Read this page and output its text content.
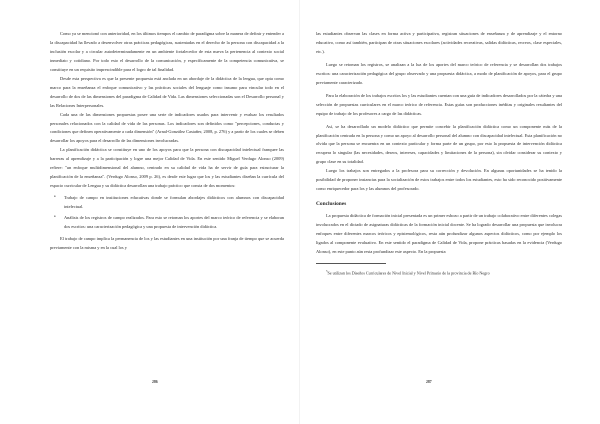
Como ya se mencionó con anterioridad, en los últimos tiempos el cambio de paradigma sobre la manera de definir y entender a la discapacidad ha llevado a desenvolver otras prácticas pedagógicas, sustentadas en el derecho de la persona con discapacidad a la inclusión escolar y a circular autodeterminadamente en un ambiente fortalecedor de esta nueva la pertenencia al contexto social inmediato y cotidiano. Por todo esto el desarrollo de la comunicación, y específicamente de la competencia comunicativa, se constituye en un requisito imprescindible para el logro de tal finalidad.

Desde esta perspectiva es que la presente propuesta está anclada en un abordaje de la didáctica de la lengua, que opta como marco para la enseñanza el enfoque comunicativo y las prácticas sociales del lenguaje como insumo para vincular todo en el desarrollo de dos de las dimensiones del paradigma de Calidad de Vida. Las dimensiones seleccionadas son el Desarrollo personal y las Relaciones Interpersonales.

Cada una de las dimensiones propuestas posee una serie de indicadores usados para intervenir y evaluar los resultados personales relacionados con la calidad de vida de las personas. Los indicadores son definidos como "percepciones, conductas y condiciones que definen operativamente a cada dimensión" (Arnal-González Castañer, 2008, p. 276) y a partir de los cuales se deben desarrollar los apoyos para el desarrollo de las dimensiones involucradas.

La planificación didáctica se constituye en uno de los apoyos para que la persona con discapacidad intelectual franquee las barreras al aprendizaje y a la participación y logre una mejor Calidad de Vida. En este sentido Miguel Verdugo Alonso (2009) refiere: "un enfoque multidimensional del alumno, centrado en su calidad de vida ha de servir de guía para estructurar la planificación de la enseñanza". (Verdugo Alonso, 2009 p. 26), es desde este lugar que los y las estudiantes diseñan la currícula del espacio curricular de Lengua y su didáctica desarrollan una trabajo práctico que consta de dos momentos:

• Trabajo de campo en instituciones educativas donde se formulan abordajes didácticos con alumnos con discapacidad intelectual.
• Análisis de los registros de campo realizados. Para esto se retoman los aportes del marco teórico de referencia y se elaboran dos escritos: una caracterización pedagógica y una propuesta de intervención didáctica.

El trabajo de campo implica la permanencia de los y las estudiantes en una institución por una franja de tiempo que se acuerda previamente con la misma y en la cual los y

286

las estudiantes observan las clases en forma activa y participativa, registran situaciones de enseñanza y de aprendizaje y el entorno educativo, como así también, participan de otras situaciones escolares (actividades recreativas, salidas didácticas, recreos, clase especiales, etc.).

Luego se retoman los registros, se analizan a la luz de los aportes del marco teórico de referencia y se desarrollan dos trabajos escritos: una caracterización pedagógica del grupo observado y una propuesta didáctica, a modo de planificación de apoyos, para el grupo previamente caracterizado.

Para la elaboración de los trabajos escritos los y las estudiantes cuentan con una guía de indicadores desarrollados por la cátedra y una selección de propuestas curriculares en el marco teórico de referencia. Estas guías son producciones inéditas y originales resultantes del equipo de trabajo de los profesores a cargo de las didácticas.

Así, se ha desarrollado un modelo didáctico que permite concebir la planificación didáctica como un componente más de la planificación centrada en la persona y como un apoyo al desarrollo personal del alumno con discapacidad intelectual. Esta planificación no olvida que la persona se encuentra en un contexto particular y forma parte de un grupo, por esto la propuesta de intervención didáctica recupera lo singular (las necesidades, deseos, intereses, capacidades y limitaciones de la persona), sin olvidar considerar su contexto y grupo clase en su totalidad.

Luego los trabajos son entregados a la profesora para su corrección y devolución. En algunas oportunidades se ha tenido la posibilidad de proponer instancias para la socialización de estos trabajos entre todos los estudiantes, esto ha sido reconocido positivamente como enriquecedor para los y las alumnos del profesorado.

Conclusiones

La propuesta didáctica de formación inicial presentada es un primer esbozo a partir de un trabajo colaborativo entre diferentes colegas involucrados en el dictado de asignaturas didácticas de la formación inicial docente. Se ha logrado desarrollar una propuesta que involucra enfoques entre diferentes marcos teóricos y epistemológicos, resta aún profundizar algunos aspectos didácticos, como por ejemplo los ligados al componente evaluativo. En este sentido el paradigma de Calidad de Vida, propone prácticas basadas en la evidencia (Verdugo Alonso), en este punto aún resta profundizar este aspecto. En la propuesta

$^5$Se utilizan los Diseños Curriculares de Nivel Inicial y Nivel Primario de la provincia de Río Negro
287
